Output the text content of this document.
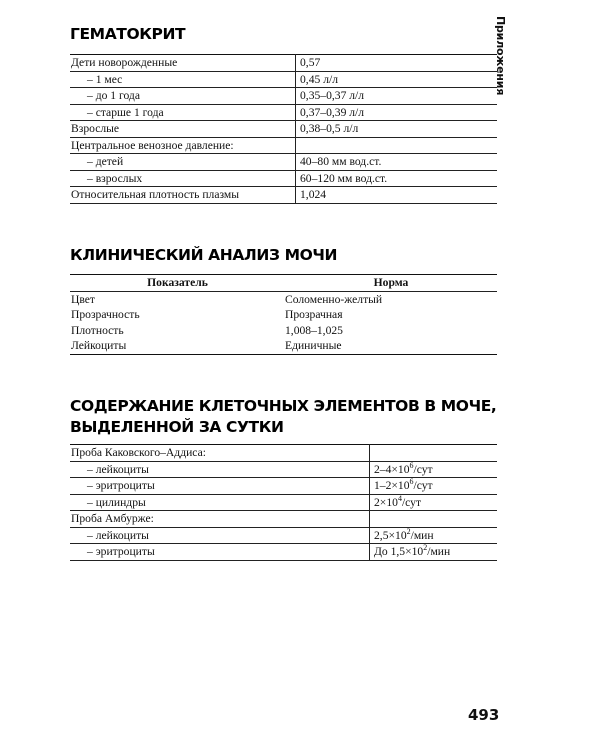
Приложения
ГЕМАТОКРИТ
Дети новорожденные	0,57
– 1 мес	0,45 л/л
– до 1 года	0,35–0,37 л/л
– старше 1 года	0,37–0,39 л/л
Взрослые	0,38–0,5 л/л
Центральное венозное давление:	
– детей	40–80 мм вод.ст.
– взрослых	60–120 мм вод.ст.
Относительная плотность плазмы	1,024
КЛИНИЧЕСКИЙ АНАЛИЗ МОЧИ
Показатель	Норма
Цвет	Соломенно-желтый
Прозрачность	Прозрачная
Плотность	1,008–1,025
Лейкоциты	Единичные
СОДЕРЖАНИЕ КЛЕТОЧНЫХ ЭЛЕМЕНТОВ В МОЧЕ,
ВЫДЕЛЕННОЙ ЗА СУТКИ
Проба Каковского–Аддиса:	
– лейкоциты	$2-4\times 10^6$/сут
– эритроциты	$1-2\times 10^6$/сут
– цилиндры	$2\times 10^4$/сут
Проба Амбурже:	
– лейкоциты	$2,5\times 10^2$/мин
– эритроциты	До $1,5\times 10^2$/мин
493
